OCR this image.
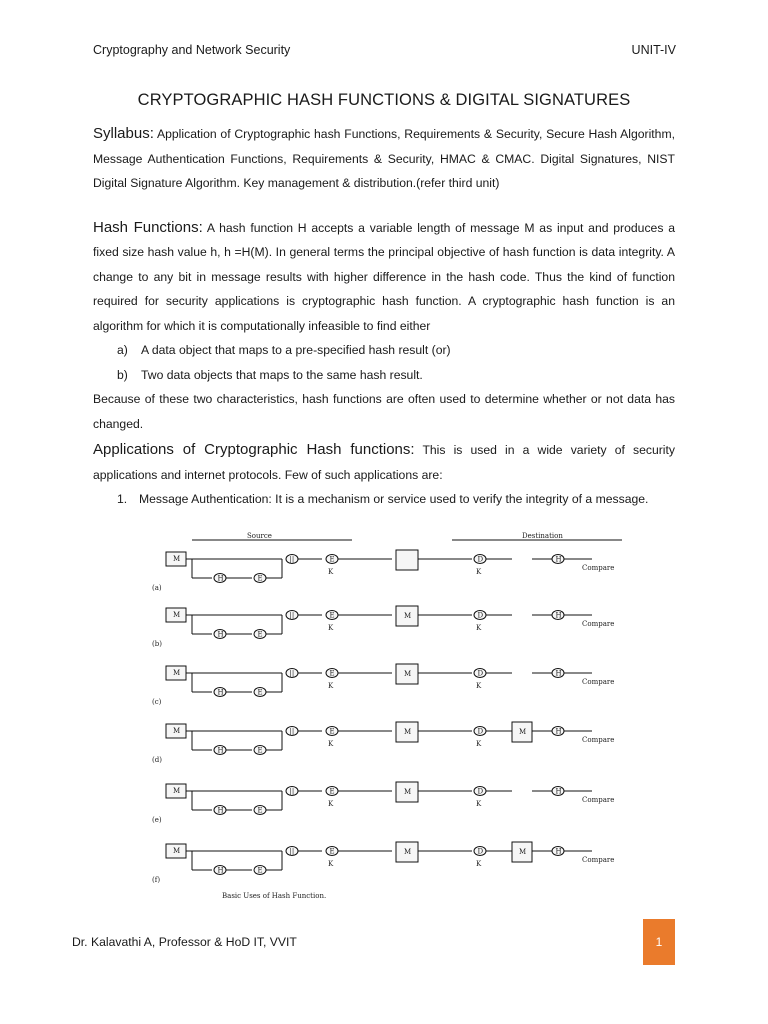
Cryptography and Network Security	UNIT-IV
CRYPTOGRAPHIC HASH FUNCTIONS & DIGITAL SIGNATURES

Syllabus: Application of Cryptographic hash Functions, Requirements & Security, Secure Hash Algorithm, Message Authentication Functions, Requirements & Security, HMAC & CMAC. Digital Signatures, NIST Digital Signature Algorithm. Key management & distribution.(refer third unit)

Hash Functions: A hash function H accepts a variable length of message M as input and produces a fixed size hash value h, h =H(M). In general terms the principal objective of hash function is data integrity. A change to any bit in message results with higher difference in the hash code. Thus the kind of function required for security applications is cryptographic hash function. A cryptographic hash function is an algorithm for which it is computationally infeasible to find either

a) A data object that maps to a pre-specified hash result (or)
b) Two data objects that maps to the same hash result.

Because of these two characteristics, hash functions are often used to determine whether or not data has changed.

Applications of Cryptographic Hash functions: This is used in a wide variety of security applications and internet protocols. Few of such applications are:

1. Message Authentication: It is a mechanism or service used to verify the integrity of a message.
Source	Destination
M
H	E
||	E
K
D
K
H
Compare
(a)
M
H	E
||	E
K
M	D
K
H
Compare
(b)
M
H	E
||	E
K
M	D
K
H
Compare
(c)
M
H	E
||	E
K
M	D
K
M	H
Compare
(d)
M
H	E
||	E
K
M	D
K
H
Compare
(e)
M
H	E
||	E
K
M	D
K
M	H
Compare
(f)
Basic Uses of Hash Function.
Dr. Kalavathi A, Professor & HoD IT, VVIT	1
